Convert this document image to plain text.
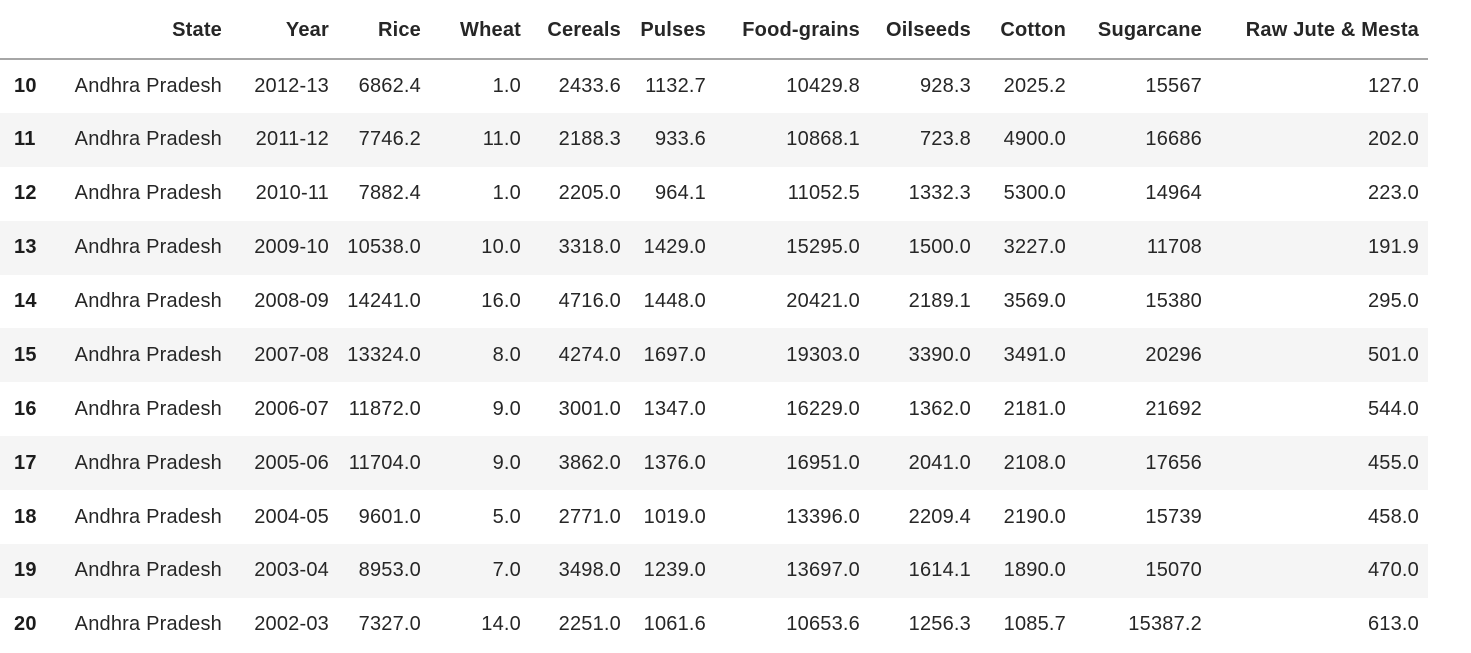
	State	Year	Rice	Wheat	Cereals	Pulses	Food-grains	Oilseeds	Cotton	Sugarcane	Raw Jute & Mesta
10	Andhra Pradesh	2012-13	6862.4	1.0	2433.6	1132.7	10429.8	928.3	2025.2	15567	127.0
11	Andhra Pradesh	2011-12	7746.2	11.0	2188.3	933.6	10868.1	723.8	4900.0	16686	202.0
12	Andhra Pradesh	2010-11	7882.4	1.0	2205.0	964.1	11052.5	1332.3	5300.0	14964	223.0
13	Andhra Pradesh	2009-10	10538.0	10.0	3318.0	1429.0	15295.0	1500.0	3227.0	11708	191.9
14	Andhra Pradesh	2008-09	14241.0	16.0	4716.0	1448.0	20421.0	2189.1	3569.0	15380	295.0
15	Andhra Pradesh	2007-08	13324.0	8.0	4274.0	1697.0	19303.0	3390.0	3491.0	20296	501.0
16	Andhra Pradesh	2006-07	11872.0	9.0	3001.0	1347.0	16229.0	1362.0	2181.0	21692	544.0
17	Andhra Pradesh	2005-06	11704.0	9.0	3862.0	1376.0	16951.0	2041.0	2108.0	17656	455.0
18	Andhra Pradesh	2004-05	9601.0	5.0	2771.0	1019.0	13396.0	2209.4	2190.0	15739	458.0
19	Andhra Pradesh	2003-04	8953.0	7.0	3498.0	1239.0	13697.0	1614.1	1890.0	15070	470.0
20	Andhra Pradesh	2002-03	7327.0	14.0	2251.0	1061.6	10653.6	1256.3	1085.7	15387.2	613.0
